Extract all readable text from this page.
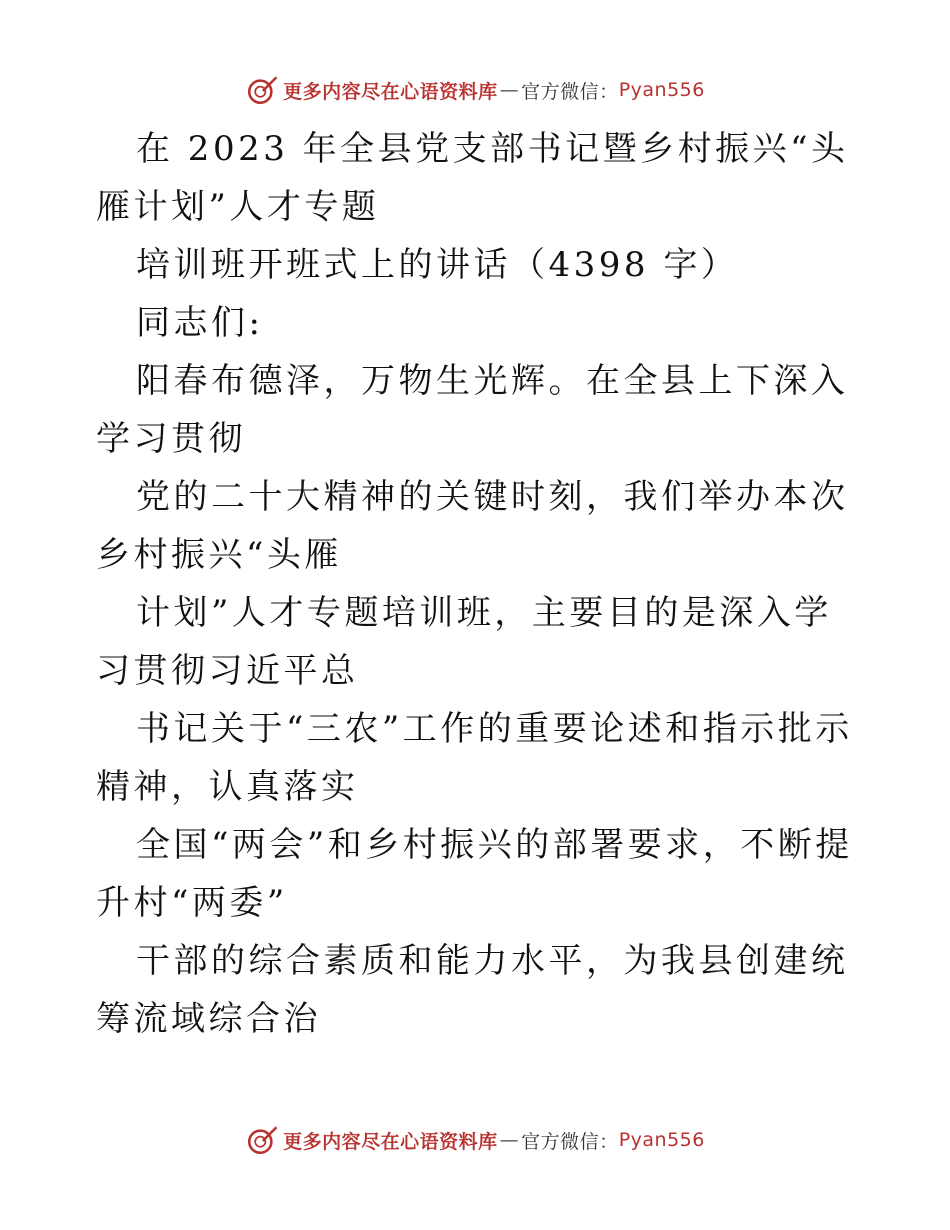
更多内容尽在心语资料库 — 官方微信： Pyan556

在 2023 年全县党支部书记暨乡村振兴“头雁计划”人才专题

培训班开班式上的讲话（4398 字）

同志们:

阳春布德泽，万物生光辉。在全县上下深入学习贯彻

党的二十大精神的关键时刻，我们举办本次乡村振兴“头雁

计划”人才专题培训班，主要目的是深入学习贯彻习近平总

书记关于“三农”工作的重要论述和指示批示精神，认真落实

全国“两会”和乡村振兴的部署要求，不断提升村“两委”

干部的综合素质和能力水平，为我县创建统筹流域综合治

更多内容尽在心语资料库 — 官方微信： Pyan556
